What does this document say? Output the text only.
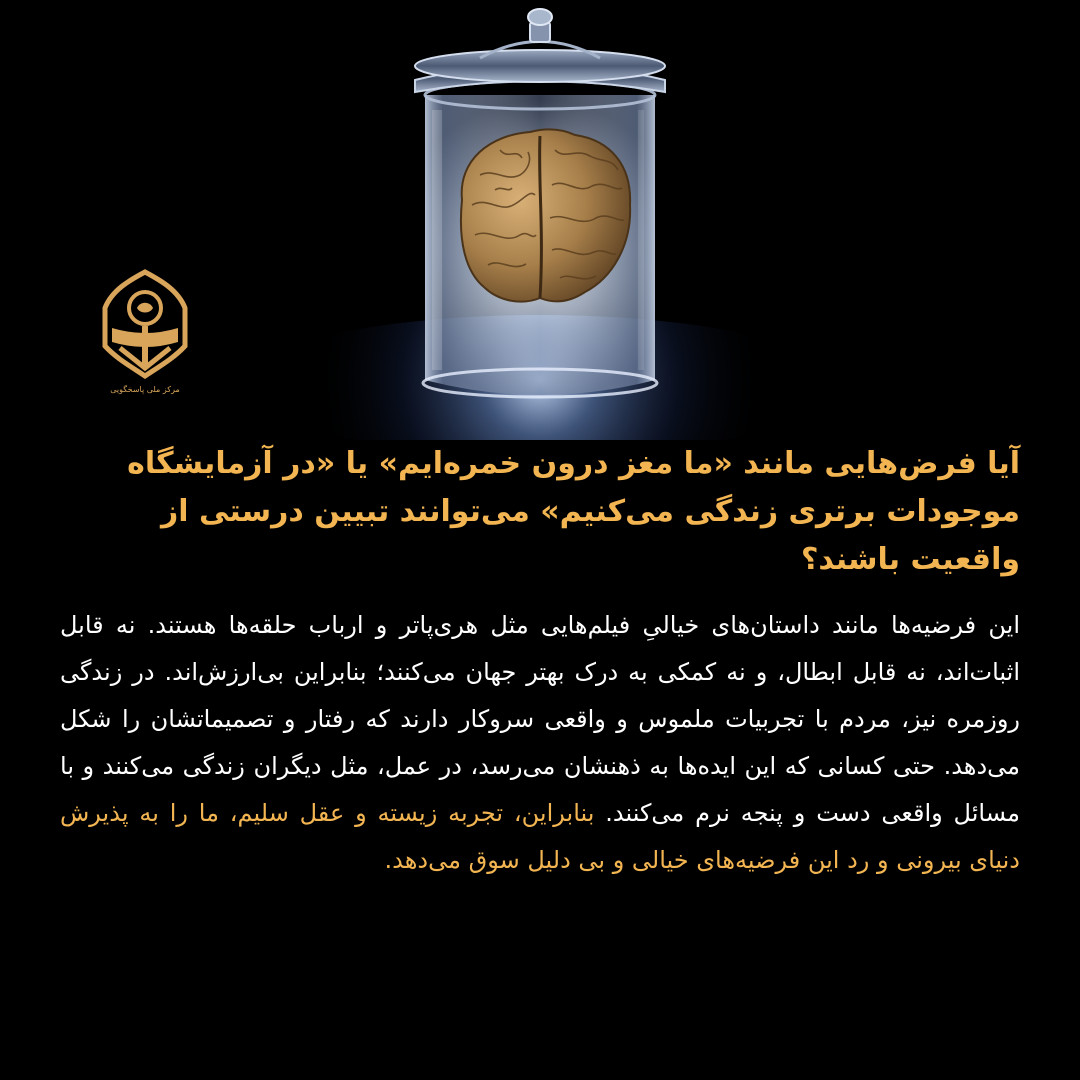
مرکز ملی پاسخگویی
آیا فرض‌هایی مانند «ما مغز درون خمره‌ایم» یا «در آزمایشگاه موجودات برتری زندگی می‌کنیم» می‌توانند تبیین درستی از واقعیت باشند؟

این فرضیه‌ها مانند داستان‌های خیالیِ فیلم‌هایی مثل هری‌پاتر و ارباب حلقه‌ها هستند. نه قابل اثبات‌اند، نه قابل ابطال، و نه کمکی به درک بهتر جهان می‌کنند؛ بنابراین بی‌ارزش‌اند. در زندگی روزمره نیز، مردم با تجربیات ملموس و واقعی سروکار دارند که رفتار و تصمیماتشان را شکل می‌دهد. حتی کسانی که این ایده‌ها به ذهنشان می‌رسد، در عمل، مثل دیگران زندگی می‌کنند و با مسائل واقعی دست و پنجه نرم می‌کنند. بنابراین، تجربه زیسته و عقل سلیم، ما را به پذیرش دنیای بیرونی و رد این فرضیه‌های خیالی و بی دلیل سوق می‌دهد.
